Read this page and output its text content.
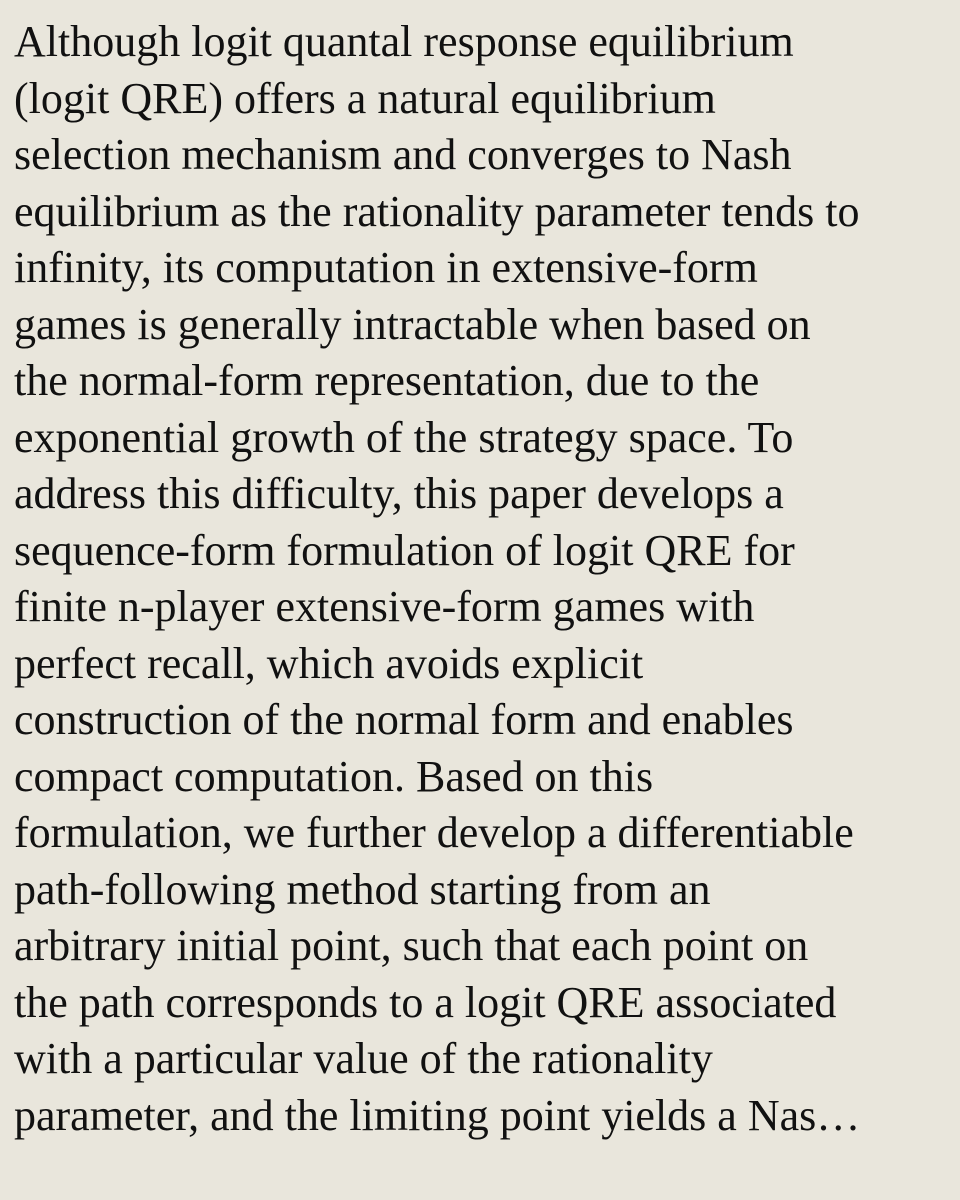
Although logit quantal response equilibrium
(logit QRE) offers a natural equilibrium
selection mechanism and converges to Nash
equilibrium as the rationality parameter tends to
infinity, its computation in extensive-form
games is generally intractable when based on
the normal-form representation, due to the
exponential growth of the strategy space. To
address this difficulty, this paper develops a
sequence-form formulation of logit QRE for
finite n-player extensive-form games with
perfect recall, which avoids explicit
construction of the normal form and enables
compact computation. Based on this
formulation, we further develop a differentiable
path-following method starting from an
arbitrary initial point, such that each point on
the path corresponds to a logit QRE associated
with a particular value of the rationality
parameter, and the limiting point yields a Nas…
